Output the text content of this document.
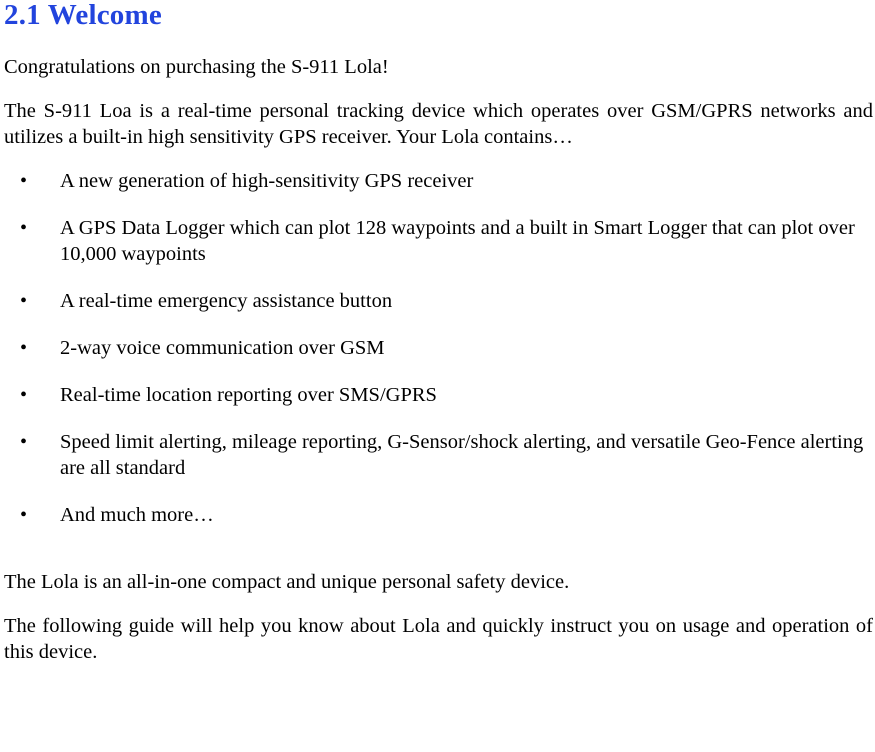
2.1 Welcome

Congratulations on purchasing the S-911 Lola!

The S-911 Loa is a real-time personal tracking device which operates over GSM/GPRS networks and utilizes a built-in high sensitivity GPS receiver. Your Lola contains…

• A new generation of high-sensitivity GPS receiver
• A GPS Data Logger which can plot 128 waypoints and a built in Smart Logger that can plot over 10,000 waypoints
• A real-time emergency assistance button
• 2-way voice communication over GSM
• Real-time location reporting over SMS/GPRS
• Speed limit alerting, mileage reporting, G-Sensor/shock alerting, and versatile Geo-Fence alerting are all standard
• And much more…

The Lola is an all-in-one compact and unique personal safety device.

The following guide will help you know about Lola and quickly instruct you on usage and operation of this device.
